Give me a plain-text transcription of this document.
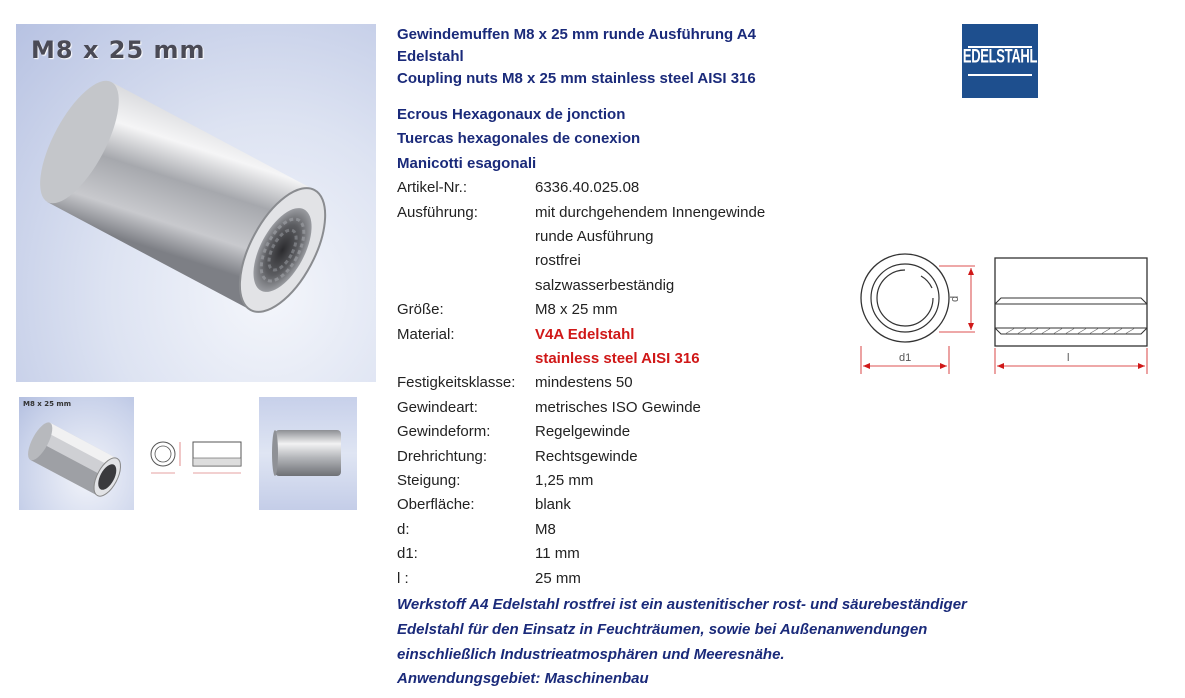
M8 x 25 mm
M8 x 25 mm
Gewindemuffen M8 x 25 mm runde Ausführung A4
Edelstahl
Coupling nuts M8 x 25 mm stainless steel AISI 316
Ecrous Hexagonaux de jonction
Tuercas hexagonales de conexion
Manicotti esagonali
Artikel-Nr.:	6336.40.025.08
Ausführung:	mit durchgehendem Innengewinde
runde Ausführung
rostfrei
salzwasserbeständig
Größe:	M8 x 25 mm
Material:	V4A Edelstahl
stainless steel AISI 316
Festigkeitsklasse: mindestens 50
Gewindeart:	metrisches ISO Gewinde
Gewindeform:	Regelgewinde
Drehrichtung:	Rechtsgewinde
Steigung:	1,25 mm
Oberfläche:	blank
d:	M8
d1:	11 mm
l :	25 mm
Werkstoff A4 Edelstahl rostfrei ist ein austenitischer rost- und säurebeständiger
Edelstahl für den Einsatz in Feuchträumen, sowie bei Außenanwendungen
einschließlich Industrieatmosphären und Meeresnähe.
Anwendungsgebiet: Maschinenbau
EDELSTAHL
d1
d
l
